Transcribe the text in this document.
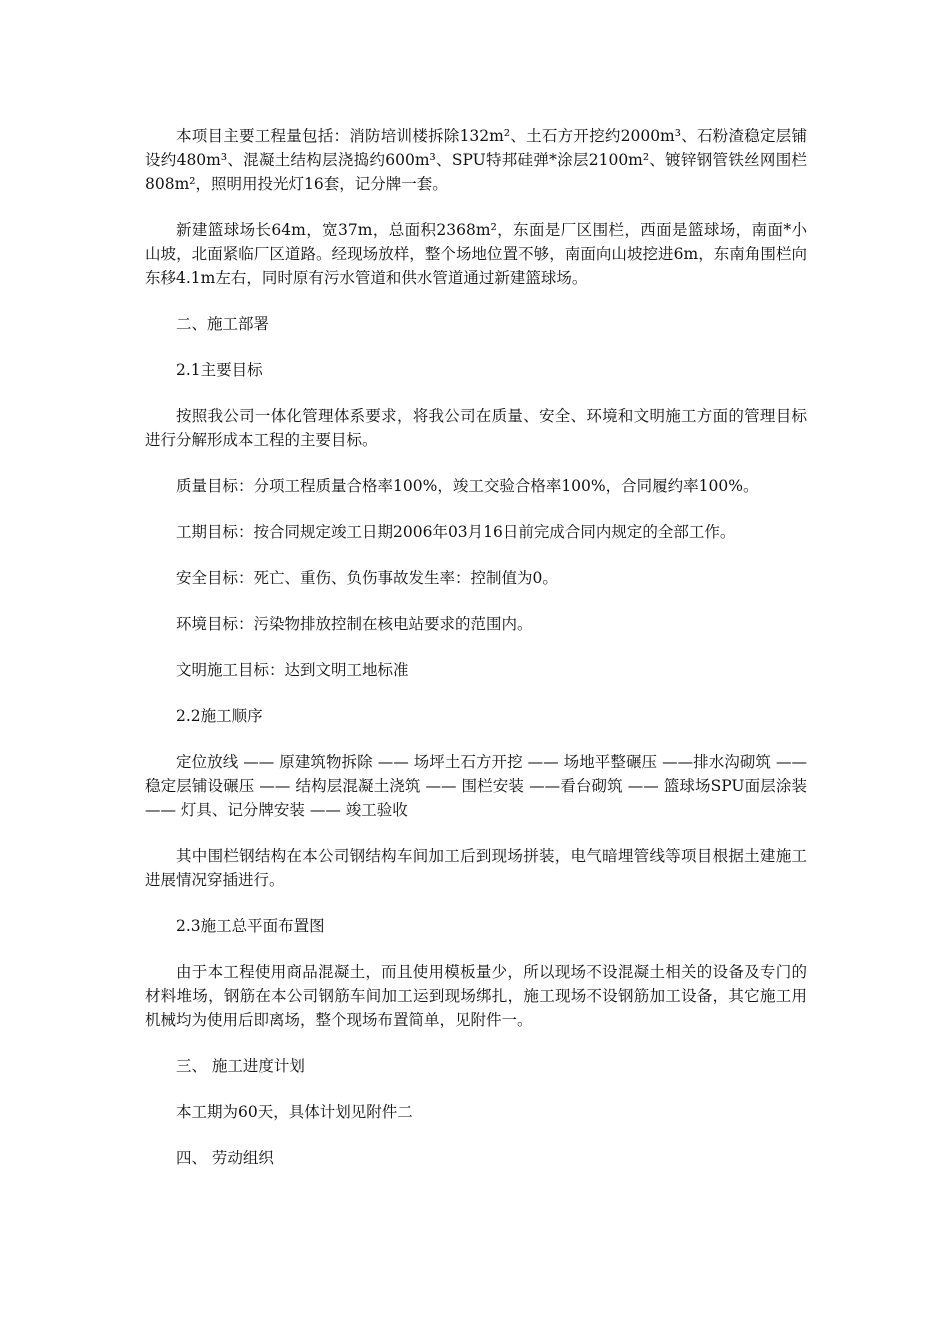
本项目主要工程量包括：消防培训楼拆除132m²、土石方开挖约2000m³、石粉渣稳定层铺设约480m³、混凝土结构层浇捣约600m³、SPU特邦硅弹*涂层2100m²、镀锌钢管铁丝网围栏808m²，照明用投光灯16套，记分牌一套。

新建篮球场长64m，宽37m，总面积2368m²，东面是厂区围栏，西面是篮球场，南面*小山坡，北面紧临厂区道路。经现场放样，整个场地位置不够，南面向山坡挖进6m，东南角围栏向东移4.1m左右，同时原有污水管道和供水管道通过新建篮球场。

二、施工部署

2.1主要目标

按照我公司一体化管理体系要求，将我公司在质量、安全、环境和文明施工方面的管理目标进行分解形成本工程的主要目标。

质量目标：分项工程质量合格率100%，竣工交验合格率100%，合同履约率100%。

工期目标：按合同规定竣工日期2006年03月16日前完成合同内规定的全部工作。

安全目标：死亡、重伤、负伤事故发生率：控制值为0。

环境目标：污染物排放控制在核电站要求的范围内。

文明施工目标：达到文明工地标准

2.2施工顺序

定位放线 —— 原建筑物拆除 —— 场坪土石方开挖 —— 场地平整碾压 ——排水沟砌筑 —— 稳定层铺设碾压 —— 结构层混凝土浇筑 —— 围栏安装 ——看台砌筑 —— 篮球场SPU面层涂装 —— 灯具、记分牌安装 —— 竣工验收

其中围栏钢结构在本公司钢结构车间加工后到现场拼装，电气暗埋管线等项目根据土建施工进展情况穿插进行。

2.3施工总平面布置图

由于本工程使用商品混凝土，而且使用模板量少，所以现场不设混凝土相关的设备及专门的材料堆场，钢筋在本公司钢筋车间加工运到现场绑扎，施工现场不设钢筋加工设备，其它施工用机械均为使用后即离场，整个现场布置简单，见附件一。

三、 施工进度计划

本工期为60天，具体计划见附件二

四、 劳动组织
